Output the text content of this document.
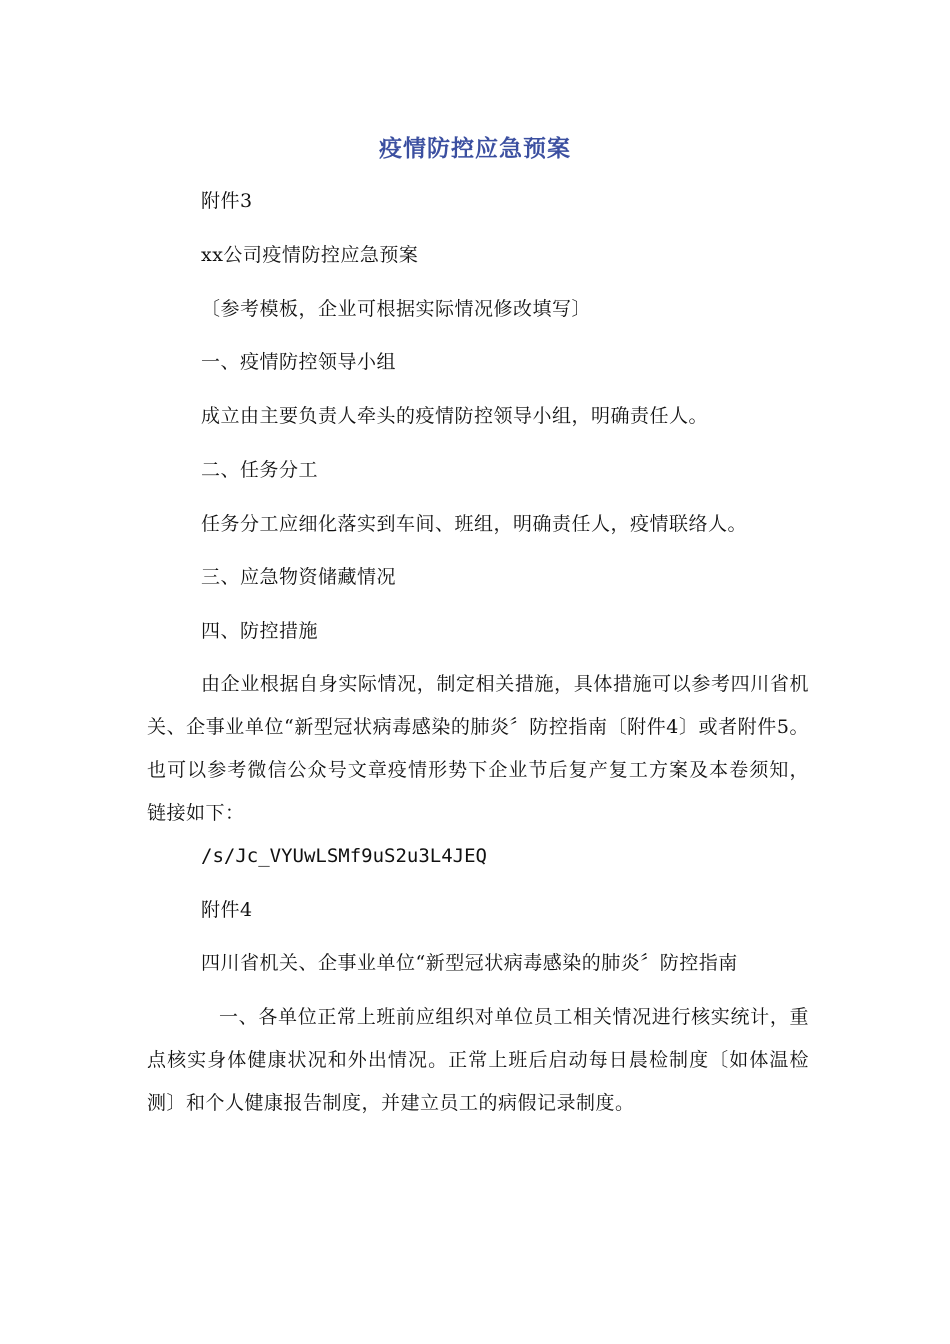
疫情防控应急预案
附件3
xx公司疫情防控应急预案
〔参考模板，企业可根据实际情况修改填写〕
一、疫情防控领导小组
成立由主要负责人牵头的疫情防控领导小组，明确责任人。
二、任务分工
任务分工应细化落实到车间、班组，明确责任人，疫情联络人。
三、应急物资储藏情况
四、防控措施
由企业根据自身实际情况，制定相关措施，具体措施可以参考四川省机关、企事业单位“新型冠状病毒感染的肺炎〞防控指南〔附件4〕或者附件5。也可以参考微信公众号文章疫情形势下企业节后复产复工方案及本卷须知，链接如下：
/s/Jc_VYUwLSMf9uS2u3L4JEQ
附件4
四川省机关、企事业单位“新型冠状病毒感染的肺炎〞防控指南
一、各单位正常上班前应组织对单位员工相关情况进行核实统计，重点核实身体健康状况和外出情况。正常上班后启动每日晨检制度〔如体温检测〕和个人健康报告制度，并建立员工的病假记录制度。
